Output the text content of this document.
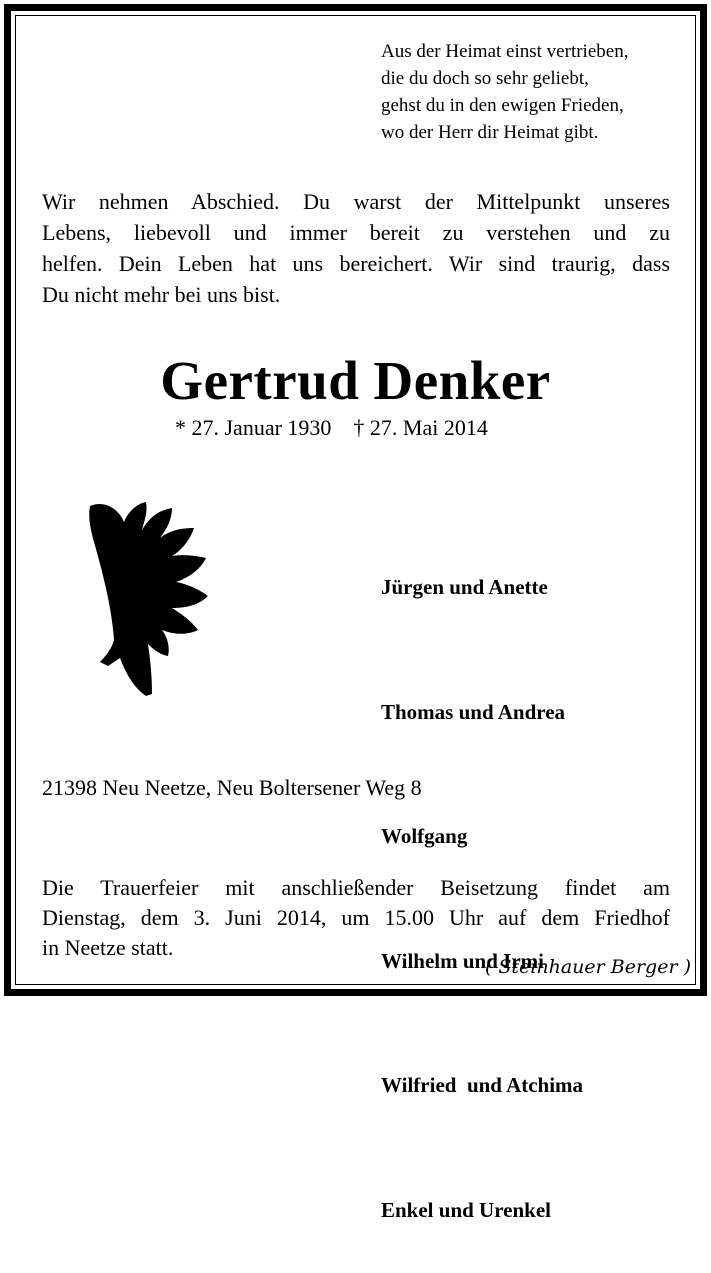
Aus der Heimat einst vertrieben,
die du doch so sehr geliebt,
gehst du in den ewigen Frieden,
wo der Herr dir Heimat gibt.
Wir nehmen Abschied. Du warst der Mittelpunkt unseres
Lebens, liebevoll und immer bereit zu verstehen und zu
helfen. Dein Leben hat uns bereichert. Wir sind traurig, dass
Du nicht mehr bei uns bist.
Gertrud Denker
* 27. Januar 1930 † 27. Mai 2014

Jürgen und Anette

Thomas und Andrea

Wolfgang

Wilhelm und Irmi

Wilfried  und Atchima

Enkel und Urenkel

21398 Neu Neetze, Neu Boltersener Weg 8
Die Trauerfeier mit anschließender Beisetzung findet am
Dienstag, dem 3. Juni 2014, um 15.00 Uhr auf dem Friedhof
in Neetze statt.
( Steinhauer Berger )
